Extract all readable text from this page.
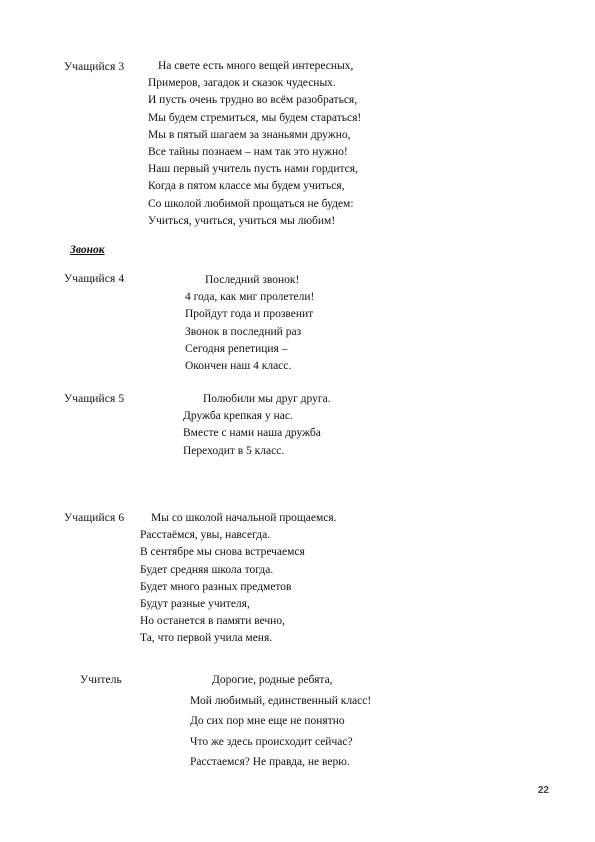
Учащийся 3	На свете есть много вещей интересных,
Примеров, загадок и сказок чудесных.
И пусть очень трудно во всём разобраться,
Мы будем стремиться, мы будем стараться!
Мы в пятый шагаем за знаньями дружно,
Все тайны познаем – нам так это нужно!
Наш первый учитель пусть нами гордится,
Когда в пятом классе мы будем учиться,
Со школой любимой прощаться не будем:
Учиться, учиться, учиться мы любим!
Звонок
Учащийся 4	Последний звонок!
4 года, как миг пролетели!
Пройдут года и прозвенит
Звонок в последний раз
Сегодня репетиция –
Окончен наш 4 класс.
Учащийся 5	Полюбили мы друг друга.
Дружба крепкая у нас.
Вместе с нами наша дружба
Переходит в 5 класс.
Учащийся 6 Мы со школой начальной прощаемся.
Расстаёмся, увы, навсегда.
В сентябре мы снова встречаемся
Будет средняя школа тогда.
Будет много разных предметов
Будут разные учителя,
Но останется в памяти вечно,
Та, что первой учила меня.
Учитель	Дорогие, родные ребята,
Мой любимый, единственный класс!
До сих пор мне еще не понятно
Что же здесь происходит сейчас?
Расстаемся? Не правда, не верю.
22
